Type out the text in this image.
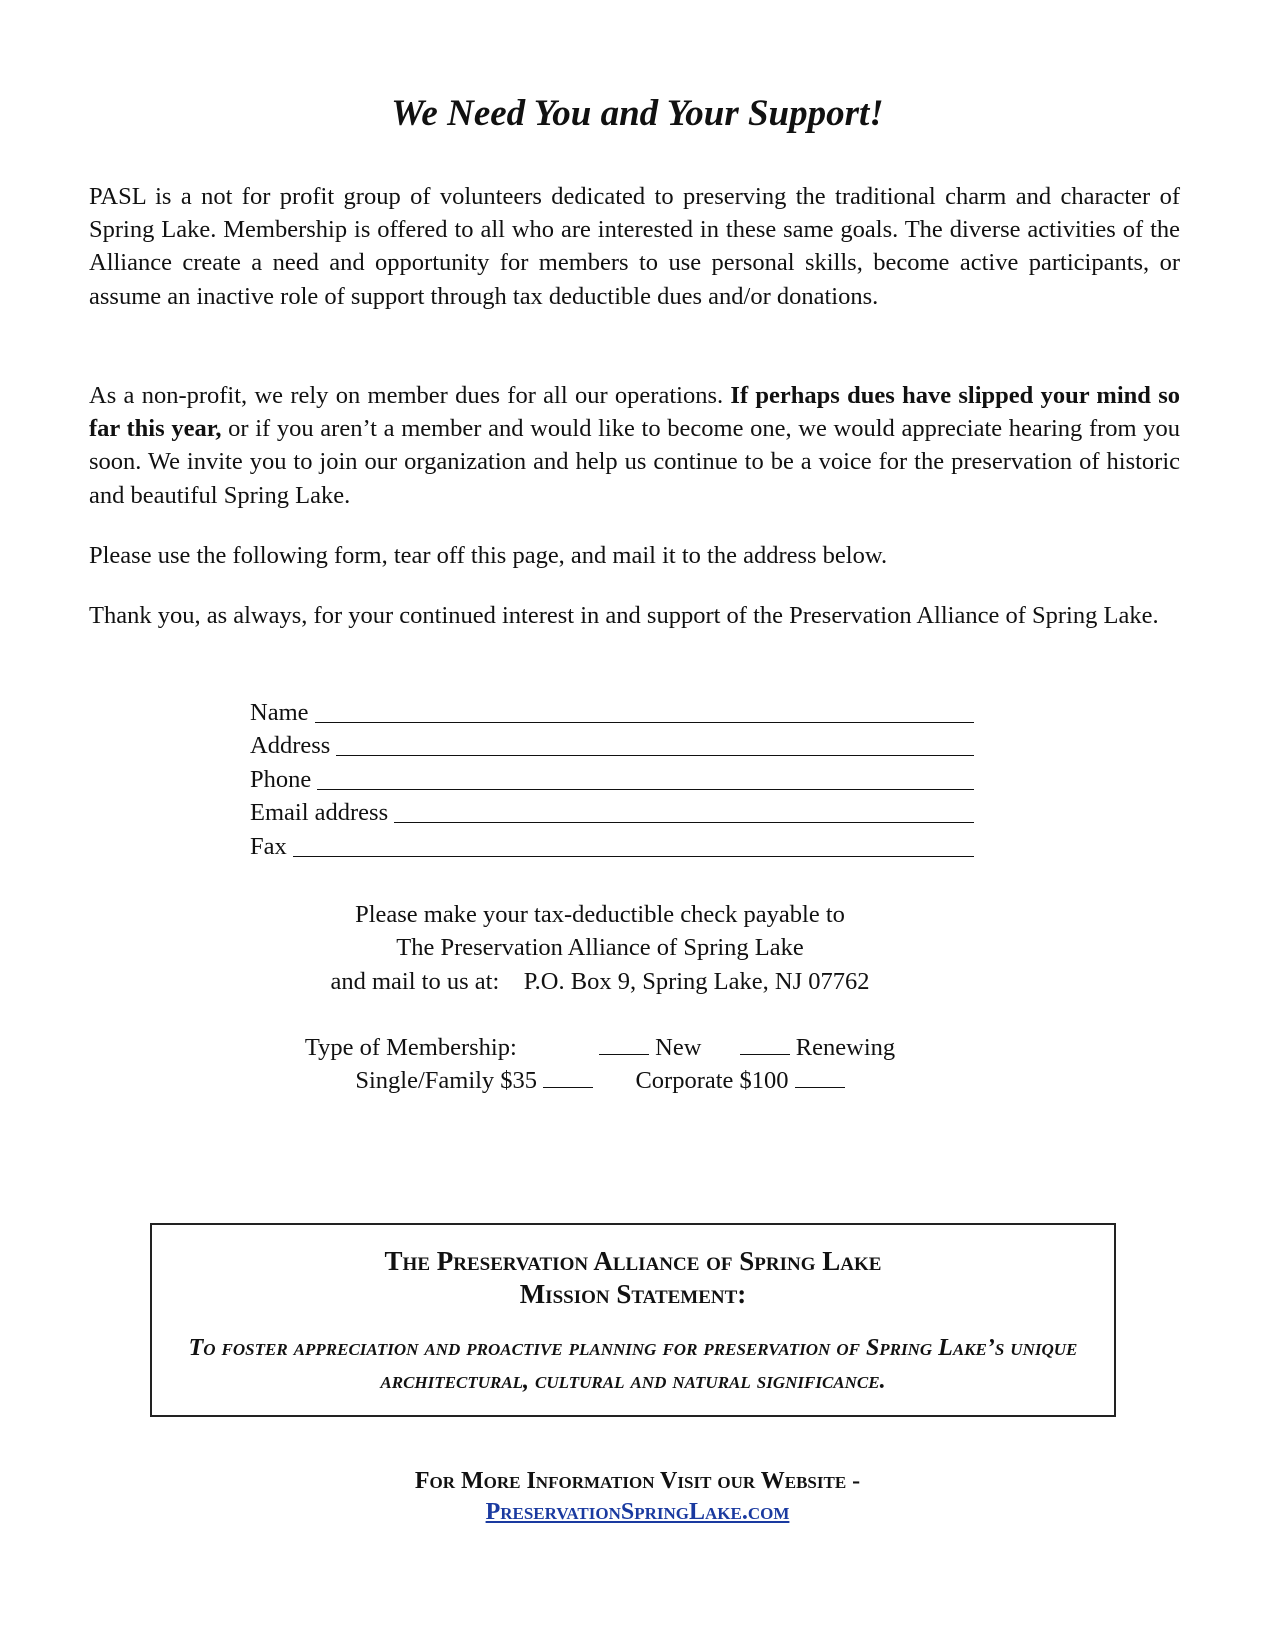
We Need You and Your Support!

PASL is a not for profit group of volunteers dedicated to preserving the traditional charm and character of Spring Lake. Membership is offered to all who are interested in these same goals. The diverse activities of the Alliance create a need and opportunity for members to use personal skills, become active participants, or assume an inactive role of support through tax deductible dues and/or donations.

As a non-profit, we rely on member dues for all our operations. If perhaps dues have slipped your mind so far this year, or if you aren’t a member and would like to become one, we would appreciate hearing from you soon. We invite you to join our organization and help us continue to be a voice for the preservation of historic and beautiful Spring Lake.

Please use the following form, tear off this page, and mail it to the address below.

Thank you, as always, for your continued interest in and support of the Preservation Alliance of Spring Lake.

Name
Address
Phone
Email address
Fax
Please make your tax-deductible check payable to
The Preservation Alliance of Spring Lake
and mail to us at: P.O. Box 9, Spring Lake, NJ 07762
Type of Membership:	New	Renewing
Single/Family $35	Corporate $100
The Preservation Alliance of Spring Lake
Mission Statement:
To foster appreciation and proactive planning for preservation of Spring Lake’s unique architectural, cultural and natural significance.
For More Information Visit our Website -
PreservationSpringLake.com
